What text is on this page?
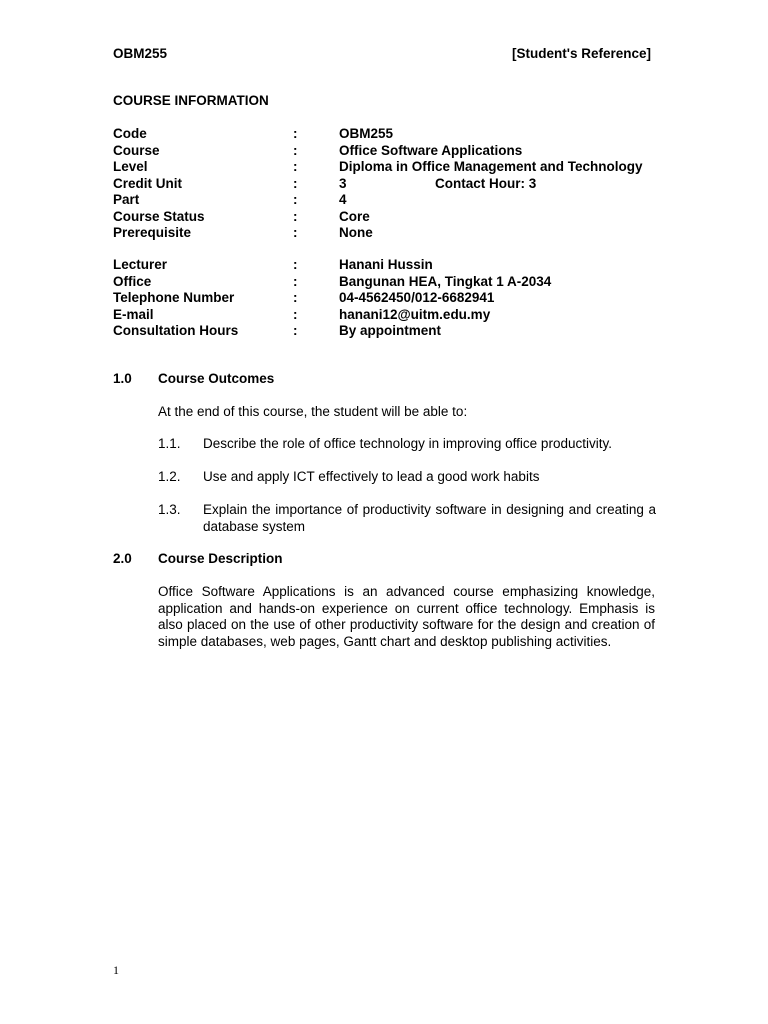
OBM255	[Student's Reference]
COURSE INFORMATION
Code	:	OBM255
Course	:	Office Software Applications
Level	:	Diploma in Office Management and Technology
Credit Unit	:	3	Contact Hour: 3
Part	:	4
Course Status	:	Core
Prerequisite	:	None
Lecturer	:	Hanani Hussin
Office	:	Bangunan HEA, Tingkat 1 A-2034
Telephone Number	:	04-4562450/012-6682941
E-mail	:	hanani12@uitm.edu.my
Consultation Hours	:	By appointment
1.0 Course Outcomes
At the end of this course, the student will be able to:
1.1. Describe the role of office technology in improving office productivity.
1.2. Use and apply ICT effectively to lead a good work habits
1.3. Explain the importance of productivity software in designing and creating a database system
2.0 Course Description
Office Software Applications is an advanced course emphasizing knowledge, application and hands-on experience on current office technology. Emphasis is also placed on the use of other productivity software for the design and creation of simple databases, web pages, Gantt chart and desktop publishing activities.
1
